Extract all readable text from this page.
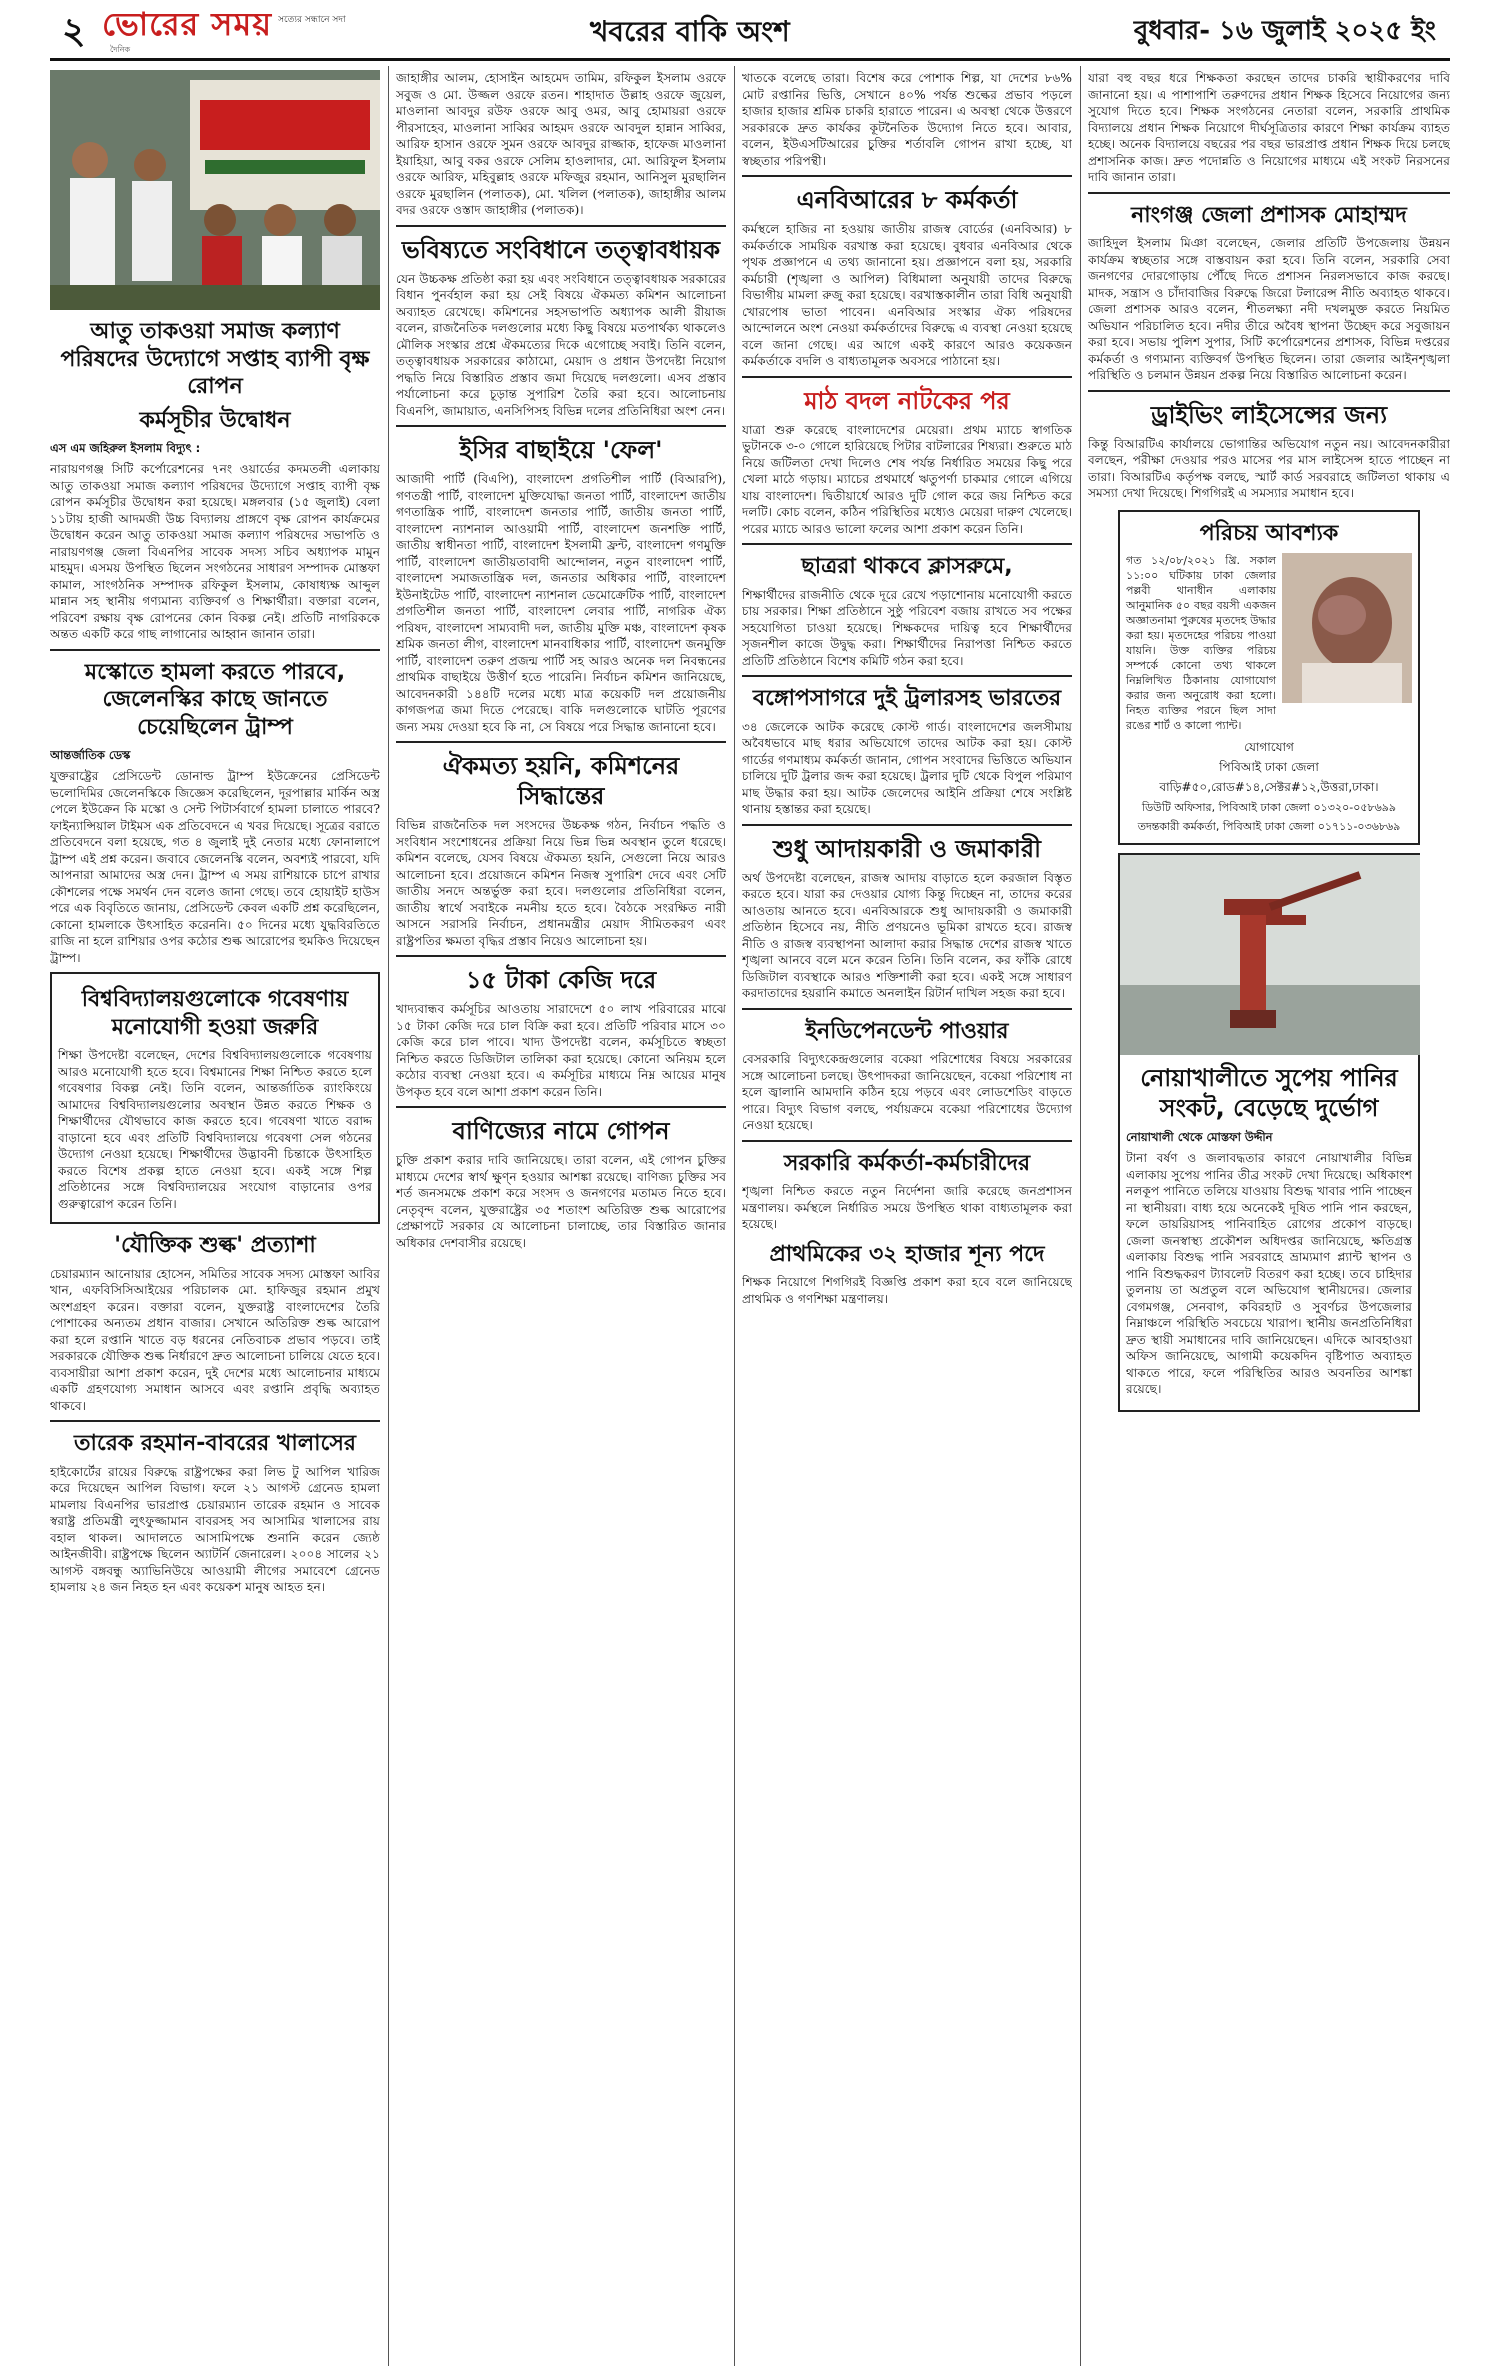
২ ভোরের সময় সত্যের সন্ধানে সদা
দৈনিক
খবরের বাকি অংশ	বুধবার- ১৬ জুলাই ২০২৫ ইং
আতু তাকওয়া সমাজ কল্যাণ পরিষদের উদ্যোগে সপ্তাহ ব্যাপী বৃক্ষ রোপন
কর্মসূচীর উদ্বোধন
এস এম জহিরুল ইসলাম বিদ্যুৎ :

নারায়ণগঞ্জ সিটি কর্পোরেশনের ৭নং ওয়ার্ডের কদমতলী এলাকায় আতু তাকওয়া সমাজ কল্যাণ পরিষদের উদ্যোগে সপ্তাহ ব্যাপী বৃক্ষ রোপন কর্মসূচীর উদ্বোধন করা হয়েছে। মঙ্গলবার (১৫ জুলাই) বেলা ১১টায় হাজী আদমজী উচ্চ বিদ্যালয় প্রাঙ্গণে বৃক্ষ রোপন কার্যক্রমের উদ্বোধন করেন আতু তাকওয়া সমাজ কল্যাণ পরিষদের সভাপতি ও নারায়ণগঞ্জ জেলা বিএনপির সাবেক সদস্য সচিব অধ্যাপক মামুন মাহমুদ। এসময় উপস্থিত ছিলেন সংগঠনের সাধারণ সম্পাদক মোস্তফা কামাল, সাংগঠনিক সম্পাদক রফিকুল ইসলাম, কোষাধ্যক্ষ আব্দুল মান্নান সহ স্থানীয় গণ্যমান্য ব্যক্তিবর্গ ও শিক্ষার্থীরা। বক্তারা বলেন, পরিবেশ রক্ষায় বৃক্ষ রোপনের কোন বিকল্প নেই। প্রতিটি নাগরিককে অন্তত একটি করে গাছ লাগানোর আহ্বান জানান তারা।

মস্কোতে হামলা করতে পারবে, জেলেনস্কির কাছে জানতে চেয়েছিলেন ট্রাম্প
আন্তর্জাতিক ডেস্ক

যুক্তরাষ্ট্রের প্রেসিডেন্ট ডোনাল্ড ট্রাম্প ইউক্রেনের প্রেসিডেন্ট ভলোদিমির জেলেনস্কিকে জিজ্ঞেস করেছিলেন, দূরপাল্লার মার্কিন অস্ত্র পেলে ইউক্রেন কি মস্কো ও সেন্ট পিটার্সবার্গে হামলা চালাতে পারবে? ফাইন্যান্সিয়াল টাইমস এক প্রতিবেদনে এ খবর দিয়েছে। সূত্রের বরাতে প্রতিবেদনে বলা হয়েছে, গত ৪ জুলাই দুই নেতার মধ্যে ফোনালাপে ট্রাম্প এই প্রশ্ন করেন। জবাবে জেলেনস্কি বলেন, অবশ্যই পারবো, যদি আপনারা আমাদের অস্ত্র দেন। ট্রাম্প এ সময় রাশিয়াকে চাপে রাখার কৌশলের পক্ষে সমর্থন দেন বলেও জানা গেছে। তবে হোয়াইট হাউস পরে এক বিবৃতিতে জানায়, প্রেসিডেন্ট কেবল একটি প্রশ্ন করেছিলেন, কোনো হামলাকে উৎসাহিত করেননি। ৫০ দিনের মধ্যে যুদ্ধবিরতিতে রাজি না হলে রাশিয়ার ওপর কঠোর শুল্ক আরোপের হুমকিও দিয়েছেন ট্রাম্প।

বিশ্ববিদ্যালয়গুলোকে গবেষণায় মনোযোগী হওয়া জরুরি

শিক্ষা উপদেষ্টা বলেছেন, দেশের বিশ্ববিদ্যালয়গুলোকে গবেষণায় আরও মনোযোগী হতে হবে। বিশ্বমানের শিক্ষা নিশ্চিত করতে হলে গবেষণার বিকল্প নেই। তিনি বলেন, আন্তর্জাতিক র‍্যাংকিংয়ে আমাদের বিশ্ববিদ্যালয়গুলোর অবস্থান উন্নত করতে শিক্ষক ও শিক্ষার্থীদের যৌথভাবে কাজ করতে হবে। গবেষণা খাতে বরাদ্দ বাড়ানো হবে এবং প্রতিটি বিশ্ববিদ্যালয়ে গবেষণা সেল গঠনের উদ্যোগ নেওয়া হয়েছে। শিক্ষার্থীদের উদ্ভাবনী চিন্তাকে উৎসাহিত করতে বিশেষ প্রকল্প হাতে নেওয়া হবে। একই সঙ্গে শিল্প প্রতিষ্ঠানের সঙ্গে বিশ্ববিদ্যালয়ের সংযোগ বাড়ানোর ওপর গুরুত্বারোপ করেন তিনি।

'যৌক্তিক শুল্ক' প্রত্যাশা

চেয়ারম্যান আনোয়ার হোসেন, সমিতির সাবেক সদস্য মোস্তফা আবির খান, এফবিসিসিআইয়ের পরিচালক মো. হাফিজুর রহমান প্রমুখ অংশগ্রহণ করেন। বক্তারা বলেন, যুক্তরাষ্ট্র বাংলাদেশের তৈরি পোশাকের অন্যতম প্রধান বাজার। সেখানে অতিরিক্ত শুল্ক আরোপ করা হলে রপ্তানি খাতে বড় ধরনের নেতিবাচক প্রভাব পড়বে। তাই সরকারকে যৌক্তিক শুল্ক নির্ধারণে দ্রুত আলোচনা চালিয়ে যেতে হবে। ব্যবসায়ীরা আশা প্রকাশ করেন, দুই দেশের মধ্যে আলোচনার মাধ্যমে একটি গ্রহণযোগ্য সমাধান আসবে এবং রপ্তানি প্রবৃদ্ধি অব্যাহত থাকবে।

তারেক রহমান-বাবরের খালাসের

হাইকোর্টের রায়ের বিরুদ্ধে রাষ্ট্রপক্ষের করা লিভ টু আপিল খারিজ করে দিয়েছেন আপিল বিভাগ। ফলে ২১ আগস্ট গ্রেনেড হামলা মামলায় বিএনপির ভারপ্রাপ্ত চেয়ারম্যান তারেক রহমান ও সাবেক স্বরাষ্ট্র প্রতিমন্ত্রী লুৎফুজ্জামান বাবরসহ সব আসামির খালাসের রায় বহাল থাকল। আদালতে আসামিপক্ষে শুনানি করেন জ্যেষ্ঠ আইনজীবী। রাষ্ট্রপক্ষে ছিলেন অ্যাটর্নি জেনারেল। ২০০৪ সালের ২১ আগস্ট বঙ্গবন্ধু অ্যাভিনিউয়ে আওয়ামী লীগের সমাবেশে গ্রেনেড হামলায় ২৪ জন নিহত হন এবং কয়েকশ মানুষ আহত হন।

জাহাঙ্গীর আলম, হোসাইন আহমেদ তামিম, রফিকুল ইসলাম ওরফে সবুজ ও মো. উজ্জল ওরফে রতন। শাহাদাত উল্লাহ ওরফে জুয়েল, মাওলানা আবদুর রউফ ওরফে আবু ওমর, আবু হোমায়রা ওরফে পীরসাহেব, মাওলানা সাব্বির আহমদ ওরফে আবদুল হান্নান সাব্বির, আরিফ হাসান ওরফে সুমন ওরফে আবদুর রাজ্জাক, হাফেজ মাওলানা ইয়াহিয়া, আবু বকর ওরফে সেলিম হাওলাদার, মো. আরিফুল ইসলাম ওরফে আরিফ, মহিবুল্লাহ ওরফে মফিজুর রহমান, আনিসুল মুরছালিন ওরফে মুরছালিন (পলাতক), মো. খলিল (পলাতক), জাহাঙ্গীর আলম বদর ওরফে ওস্তাদ জাহাঙ্গীর (পলাতক)।

ভবিষ্যতে সংবিধানে তত্ত্বাবধায়ক

যেন উচ্চকক্ষ প্রতিষ্ঠা করা হয় এবং সংবিধানে তত্ত্বাবধায়ক সরকারের বিধান পুনর্বহাল করা হয় সেই বিষয়ে ঐকমত্য কমিশন আলোচনা অব্যাহত রেখেছে। কমিশনের সহসভাপতি অধ্যাপক আলী রীয়াজ বলেন, রাজনৈতিক দলগুলোর মধ্যে কিছু বিষয়ে মতপার্থক্য থাকলেও মৌলিক সংস্কার প্রশ্নে ঐকমত্যের দিকে এগোচ্ছে সবাই। তিনি বলেন, তত্ত্বাবধায়ক সরকারের কাঠামো, মেয়াদ ও প্রধান উপদেষ্টা নিয়োগ পদ্ধতি নিয়ে বিস্তারিত প্রস্তাব জমা দিয়েছে দলগুলো। এসব প্রস্তাব পর্যালোচনা করে চূড়ান্ত সুপারিশ তৈরি করা হবে। আলোচনায় বিএনপি, জামায়াত, এনসিপিসহ বিভিন্ন দলের প্রতিনিধিরা অংশ নেন।

ইসির বাছাইয়ে 'ফেল'

আজাদী পার্টি (বিএপি), বাংলাদেশ প্রগতিশীল পার্টি (বিআরপি), গণতন্ত্রী পার্টি, বাংলাদেশ মুক্তিযোদ্ধা জনতা পার্টি, বাংলাদেশ জাতীয় গণতান্ত্রিক পার্টি, বাংলাদেশ জনতার পার্টি, জাতীয় জনতা পার্টি, বাংলাদেশ ন্যাশনাল আওয়ামী পার্টি, বাংলাদেশ জনশক্তি পার্টি, জাতীয় স্বাধীনতা পার্টি, বাংলাদেশ ইসলামী ফ্রন্ট, বাংলাদেশ গণমুক্তি পার্টি, বাংলাদেশ জাতীয়তাবাদী আন্দোলন, নতুন বাংলাদেশ পার্টি, বাংলাদেশ সমাজতান্ত্রিক দল, জনতার অধিকার পার্টি, বাংলাদেশ ইউনাইটেড পার্টি, বাংলাদেশ ন্যাশনাল ডেমোক্রেটিক পার্টি, বাংলাদেশ প্রগতিশীল জনতা পার্টি, বাংলাদেশ লেবার পার্টি, নাগরিক ঐক্য পরিষদ, বাংলাদেশ সাম্যবাদী দল, জাতীয় মুক্তি মঞ্চ, বাংলাদেশ কৃষক শ্রমিক জনতা লীগ, বাংলাদেশ মানবাধিকার পার্টি, বাংলাদেশ জনমুক্তি পার্টি, বাংলাদেশ তরুণ প্রজন্ম পার্টি সহ আরও অনেক দল নিবন্ধনের প্রাথমিক বাছাইয়ে উত্তীর্ণ হতে পারেনি। নির্বাচন কমিশন জানিয়েছে, আবেদনকারী ১৪৪টি দলের মধ্যে মাত্র কয়েকটি দল প্রয়োজনীয় কাগজপত্র জমা দিতে পেরেছে। বাকি দলগুলোকে ঘাটতি পূরণের জন্য সময় দেওয়া হবে কি না, সে বিষয়ে পরে সিদ্ধান্ত জানানো হবে।

ঐকমত্য হয়নি, কমিশনের সিদ্ধান্তের

বিভিন্ন রাজনৈতিক দল সংসদের উচ্চকক্ষ গঠন, নির্বাচন পদ্ধতি ও সংবিধান সংশোধনের প্রক্রিয়া নিয়ে ভিন্ন ভিন্ন অবস্থান তুলে ধরেছে। কমিশন বলেছে, যেসব বিষয়ে ঐকমত্য হয়নি, সেগুলো নিয়ে আরও আলোচনা হবে। প্রয়োজনে কমিশন নিজস্ব সুপারিশ দেবে এবং সেটি জাতীয় সনদে অন্তর্ভুক্ত করা হবে। দলগুলোর প্রতিনিধিরা বলেন, জাতীয় স্বার্থে সবাইকে নমনীয় হতে হবে। বৈঠকে সংরক্ষিত নারী আসনে সরাসরি নির্বাচন, প্রধানমন্ত্রীর মেয়াদ সীমিতকরণ এবং রাষ্ট্রপতির ক্ষমতা বৃদ্ধির প্রস্তাব নিয়েও আলোচনা হয়।

১৫ টাকা কেজি দরে

খাদ্যবান্ধব কর্মসূচির আওতায় সারাদেশে ৫০ লাখ পরিবারের মাঝে ১৫ টাকা কেজি দরে চাল বিক্রি করা হবে। প্রতিটি পরিবার মাসে ৩০ কেজি করে চাল পাবে। খাদ্য উপদেষ্টা বলেন, কর্মসূচিতে স্বচ্ছতা নিশ্চিত করতে ডিজিটাল তালিকা করা হয়েছে। কোনো অনিয়ম হলে কঠোর ব্যবস্থা নেওয়া হবে। এ কর্মসূচির মাধ্যমে নিম্ন আয়ের মানুষ উপকৃত হবে বলে আশা প্রকাশ করেন তিনি।

বাণিজ্যের নামে গোপন

চুক্তি প্রকাশ করার দাবি জানিয়েছে। তারা বলেন, এই গোপন চুক্তির মাধ্যমে দেশের স্বার্থ ক্ষুণ্ন হওয়ার আশঙ্কা রয়েছে। বাণিজ্য চুক্তির সব শর্ত জনসমক্ষে প্রকাশ করে সংসদ ও জনগণের মতামত নিতে হবে। নেতৃবৃন্দ বলেন, যুক্তরাষ্ট্রের ৩৫ শতাংশ অতিরিক্ত শুল্ক আরোপের প্রেক্ষাপটে সরকার যে আলোচনা চালাচ্ছে, তার বিস্তারিত জানার অধিকার দেশবাসীর রয়েছে।

খাতকে বলেছে তারা। বিশেষ করে পোশাক শিল্প, যা দেশের ৮৬% মোট রপ্তানির ভিত্তি, সেখানে ৪০% পর্যন্ত শুল্কের প্রভাব পড়লে হাজার হাজার শ্রমিক চাকরি হারাতে পারেন। এ অবস্থা থেকে উত্তরণে সরকারকে দ্রুত কার্যকর কূটনৈতিক উদ্যোগ নিতে হবে। আবার, বলেন, ইউএসটিআরের চুক্তির শর্তাবলি গোপন রাখা হচ্ছে, যা স্বচ্ছতার পরিপন্থী।

এনবিআরের ৮ কর্মকর্তা

কর্মস্থলে হাজির না হওয়ায় জাতীয় রাজস্ব বোর্ডের (এনবিআর) ৮ কর্মকর্তাকে সাময়িক বরখাস্ত করা হয়েছে। বুধবার এনবিআর থেকে পৃথক প্রজ্ঞাপনে এ তথ্য জানানো হয়। প্রজ্ঞাপনে বলা হয়, সরকারি কর্মচারী (শৃঙ্খলা ও আপিল) বিধিমালা অনুযায়ী তাদের বিরুদ্ধে বিভাগীয় মামলা রুজু করা হয়েছে। বরখাস্তকালীন তারা বিধি অনুযায়ী খোরপোষ ভাতা পাবেন। এনবিআর সংস্কার ঐক্য পরিষদের আন্দোলনে অংশ নেওয়া কর্মকর্তাদের বিরুদ্ধে এ ব্যবস্থা নেওয়া হয়েছে বলে জানা গেছে। এর আগে একই কারণে আরও কয়েকজন কর্মকর্তাকে বদলি ও বাধ্যতামূলক অবসরে পাঠানো হয়।

মাঠ বদল নাটকের পর

যাত্রা শুরু করেছে বাংলাদেশের মেয়েরা। প্রথম ম্যাচে স্বাগতিক ভুটানকে ৩-০ গোলে হারিয়েছে পিটার বাটলারের শিষ্যরা। শুরুতে মাঠ নিয়ে জটিলতা দেখা দিলেও শেষ পর্যন্ত নির্ধারিত সময়ের কিছু পরে খেলা মাঠে গড়ায়। ম্যাচের প্রথমার্ধে ঋতুপর্ণা চাকমার গোলে এগিয়ে যায় বাংলাদেশ। দ্বিতীয়ার্ধে আরও দুটি গোল করে জয় নিশ্চিত করে দলটি। কোচ বলেন, কঠিন পরিস্থিতির মধ্যেও মেয়েরা দারুণ খেলেছে। পরের ম্যাচে আরও ভালো ফলের আশা প্রকাশ করেন তিনি।

ছাত্ররা থাকবে ক্লাসরুমে,

শিক্ষার্থীদের রাজনীতি থেকে দূরে রেখে পড়াশোনায় মনোযোগী করতে চায় সরকার। শিক্ষা প্রতিষ্ঠানে সুষ্ঠু পরিবেশ বজায় রাখতে সব পক্ষের সহযোগিতা চাওয়া হয়েছে। শিক্ষকদের দায়িত্ব হবে শিক্ষার্থীদের সৃজনশীল কাজে উদ্বুদ্ধ করা। শিক্ষার্থীদের নিরাপত্তা নিশ্চিত করতে প্রতিটি প্রতিষ্ঠানে বিশেষ কমিটি গঠন করা হবে।

বঙ্গোপসাগরে দুই ট্রলারসহ ভারতের

৩৪ জেলেকে আটক করেছে কোস্ট গার্ড। বাংলাদেশের জলসীমায় অবৈধভাবে মাছ ধরার অভিযোগে তাদের আটক করা হয়। কোস্ট গার্ডের গণমাধ্যম কর্মকর্তা জানান, গোপন সংবাদের ভিত্তিতে অভিযান চালিয়ে দুটি ট্রলার জব্দ করা হয়েছে। ট্রলার দুটি থেকে বিপুল পরিমাণ মাছ উদ্ধার করা হয়। আটক জেলেদের আইনি প্রক্রিয়া শেষে সংশ্লিষ্ট থানায় হস্তান্তর করা হয়েছে।

শুধু আদায়কারী ও জমাকারী

অর্থ উপদেষ্টা বলেছেন, রাজস্ব আদায় বাড়াতে হলে করজাল বিস্তৃত করতে হবে। যারা কর দেওয়ার যোগ্য কিন্তু দিচ্ছেন না, তাদের করের আওতায় আনতে হবে। এনবিআরকে শুধু আদায়কারী ও জমাকারী প্রতিষ্ঠান হিসেবে নয়, নীতি প্রণয়নেও ভূমিকা রাখতে হবে। রাজস্ব নীতি ও রাজস্ব ব্যবস্থাপনা আলাদা করার সিদ্ধান্ত দেশের রাজস্ব খাতে শৃঙ্খলা আনবে বলে মনে করেন তিনি। তিনি বলেন, কর ফাঁকি রোধে ডিজিটাল ব্যবস্থাকে আরও শক্তিশালী করা হবে। একই সঙ্গে সাধারণ করদাতাদের হয়রানি কমাতে অনলাইন রিটার্ন দাখিল সহজ করা হবে।

ইনডিপেনডেন্ট পাওয়ার

বেসরকারি বিদ্যুৎকেন্দ্রগুলোর বকেয়া পরিশোধের বিষয়ে সরকারের সঙ্গে আলোচনা চলছে। উৎপাদকরা জানিয়েছেন, বকেয়া পরিশোধ না হলে জ্বালানি আমদানি কঠিন হয়ে পড়বে এবং লোডশেডিং বাড়তে পারে। বিদ্যুৎ বিভাগ বলছে, পর্যায়ক্রমে বকেয়া পরিশোধের উদ্যোগ নেওয়া হয়েছে।

সরকারি কর্মকর্তা-কর্মচারীদের

শৃঙ্খলা নিশ্চিত করতে নতুন নির্দেশনা জারি করেছে জনপ্রশাসন মন্ত্রণালয়। কর্মস্থলে নির্ধারিত সময়ে উপস্থিত থাকা বাধ্যতামূলক করা হয়েছে।

প্রাথমিকের ৩২ হাজার শূন্য পদে

শিক্ষক নিয়োগে শিগগিরই বিজ্ঞপ্তি প্রকাশ করা হবে বলে জানিয়েছে প্রাথমিক ও গণশিক্ষা মন্ত্রণালয়।

যারা বহু বছর ধরে শিক্ষকতা করছেন তাদের চাকরি স্থায়ীকরণের দাবি জানানো হয়। এ পাশাপাশি তরুণদের প্রধান শিক্ষক হিসেবে নিয়োগের জন্য সুযোগ দিতে হবে। শিক্ষক সংগঠনের নেতারা বলেন, সরকারি প্রাথমিক বিদ্যালয়ে প্রধান শিক্ষক নিয়োগে দীর্ঘসূত্রিতার কারণে শিক্ষা কার্যক্রম ব্যাহত হচ্ছে। অনেক বিদ্যালয়ে বছরের পর বছর ভারপ্রাপ্ত প্রধান শিক্ষক দিয়ে চলছে প্রশাসনিক কাজ। দ্রুত পদোন্নতি ও নিয়োগের মাধ্যমে এই সংকট নিরসনের দাবি জানান তারা।

নাংগঞ্জ জেলা প্রশাসক মোহাম্মদ

জাহিদুল ইসলাম মিঞা বলেছেন, জেলার প্রতিটি উপজেলায় উন্নয়ন কার্যক্রম স্বচ্ছতার সঙ্গে বাস্তবায়ন করা হবে। তিনি বলেন, সরকারি সেবা জনগণের দোরগোড়ায় পৌঁছে দিতে প্রশাসন নিরলসভাবে কাজ করছে। মাদক, সন্ত্রাস ও চাঁদাবাজির বিরুদ্ধে জিরো টলারেন্স নীতি অব্যাহত থাকবে। জেলা প্রশাসক আরও বলেন, শীতলক্ষ্যা নদী দখলমুক্ত করতে নিয়মিত অভিযান পরিচালিত হবে। নদীর তীরে অবৈধ স্থাপনা উচ্ছেদ করে সবুজায়ন করা হবে। সভায় পুলিশ সুপার, সিটি কর্পোরেশনের প্রশাসক, বিভিন্ন দপ্তরের কর্মকর্তা ও গণ্যমান্য ব্যক্তিবর্গ উপস্থিত ছিলেন। তারা জেলার আইনশৃঙ্খলা পরিস্থিতি ও চলমান উন্নয়ন প্রকল্প নিয়ে বিস্তারিত আলোচনা করেন।

ড্রাইভিং লাইসেন্সের জন্য

কিন্তু বিআরটিএ কার্যালয়ে ভোগান্তির অভিযোগ নতুন নয়। আবেদনকারীরা বলছেন, পরীক্ষা দেওয়ার পরও মাসের পর মাস লাইসেন্স হাতে পাচ্ছেন না তারা। বিআরটিএ কর্তৃপক্ষ বলছে, স্মার্ট কার্ড সরবরাহে জটিলতা থাকায় এ সমস্যা দেখা দিয়েছে। শিগগিরই এ সমস্যার সমাধান হবে।

পরিচয় আবশ্যক

গত ১২/০৮/২০২১ খ্রি. সকাল ১১:০০ ঘটিকায় ঢাকা জেলার পল্লবী থানাধীন এলাকায় আনুমানিক ৫০ বছর বয়সী একজন অজ্ঞাতনামা পুরুষের মৃতদেহ উদ্ধার করা হয়। মৃতদেহের পরিচয় পাওয়া যায়নি। উক্ত ব্যক্তির পরিচয় সম্পর্কে কোনো তথ্য থাকলে নিম্নলিখিত ঠিকানায় যোগাযোগ করার জন্য অনুরোধ করা হলো। নিহত ব্যক্তির পরনে ছিল সাদা রঙের শার্ট ও কালো প্যান্ট।

যোগাযোগ
পিবিআই ঢাকা জেলা
বাড়ি#৫০,রোড#১৪,সেক্টর#১২,উত্তরা,ঢাকা।
ডিউটি অফিসার, পিবিআই ঢাকা জেলা ০১৩২০-০৫৮৬৯৯
তদন্তকারী কর্মকর্তা, পিবিআই ঢাকা জেলা ০১৭১১-০৩৬৮৬৯
নোয়াখালীতে সুপেয় পানির সংকট, বেড়েছে দুর্ভোগ
নোয়াখালী থেকে মোস্তফা উদ্দীন

টানা বর্ষণ ও জলাবদ্ধতার কারণে নোয়াখালীর বিভিন্ন এলাকায় সুপেয় পানির তীব্র সংকট দেখা দিয়েছে। অধিকাংশ নলকূপ পানিতে তলিয়ে যাওয়ায় বিশুদ্ধ খাবার পানি পাচ্ছেন না স্থানীয়রা। বাধ্য হয়ে অনেকেই দূষিত পানি পান করছেন, ফলে ডায়রিয়াসহ পানিবাহিত রোগের প্রকোপ বাড়ছে। জেলা জনস্বাস্থ্য প্রকৌশল অধিদপ্তর জানিয়েছে, ক্ষতিগ্রস্ত এলাকায় বিশুদ্ধ পানি সরবরাহে ভ্রাম্যমাণ প্ল্যান্ট স্থাপন ও পানি বিশুদ্ধকরণ ট্যাবলেট বিতরণ করা হচ্ছে। তবে চাহিদার তুলনায় তা অপ্রতুল বলে অভিযোগ স্থানীয়দের। জেলার বেগমগঞ্জ, সেনবাগ, কবিরহাট ও সুবর্ণচর উপজেলার নিম্নাঞ্চলে পরিস্থিতি সবচেয়ে খারাপ। স্থানীয় জনপ্রতিনিধিরা দ্রুত স্থায়ী সমাধানের দাবি জানিয়েছেন। এদিকে আবহাওয়া অফিস জানিয়েছে, আগামী কয়েকদিন বৃষ্টিপাত অব্যাহত থাকতে পারে, ফলে পরিস্থিতির আরও অবনতির আশঙ্কা রয়েছে।
